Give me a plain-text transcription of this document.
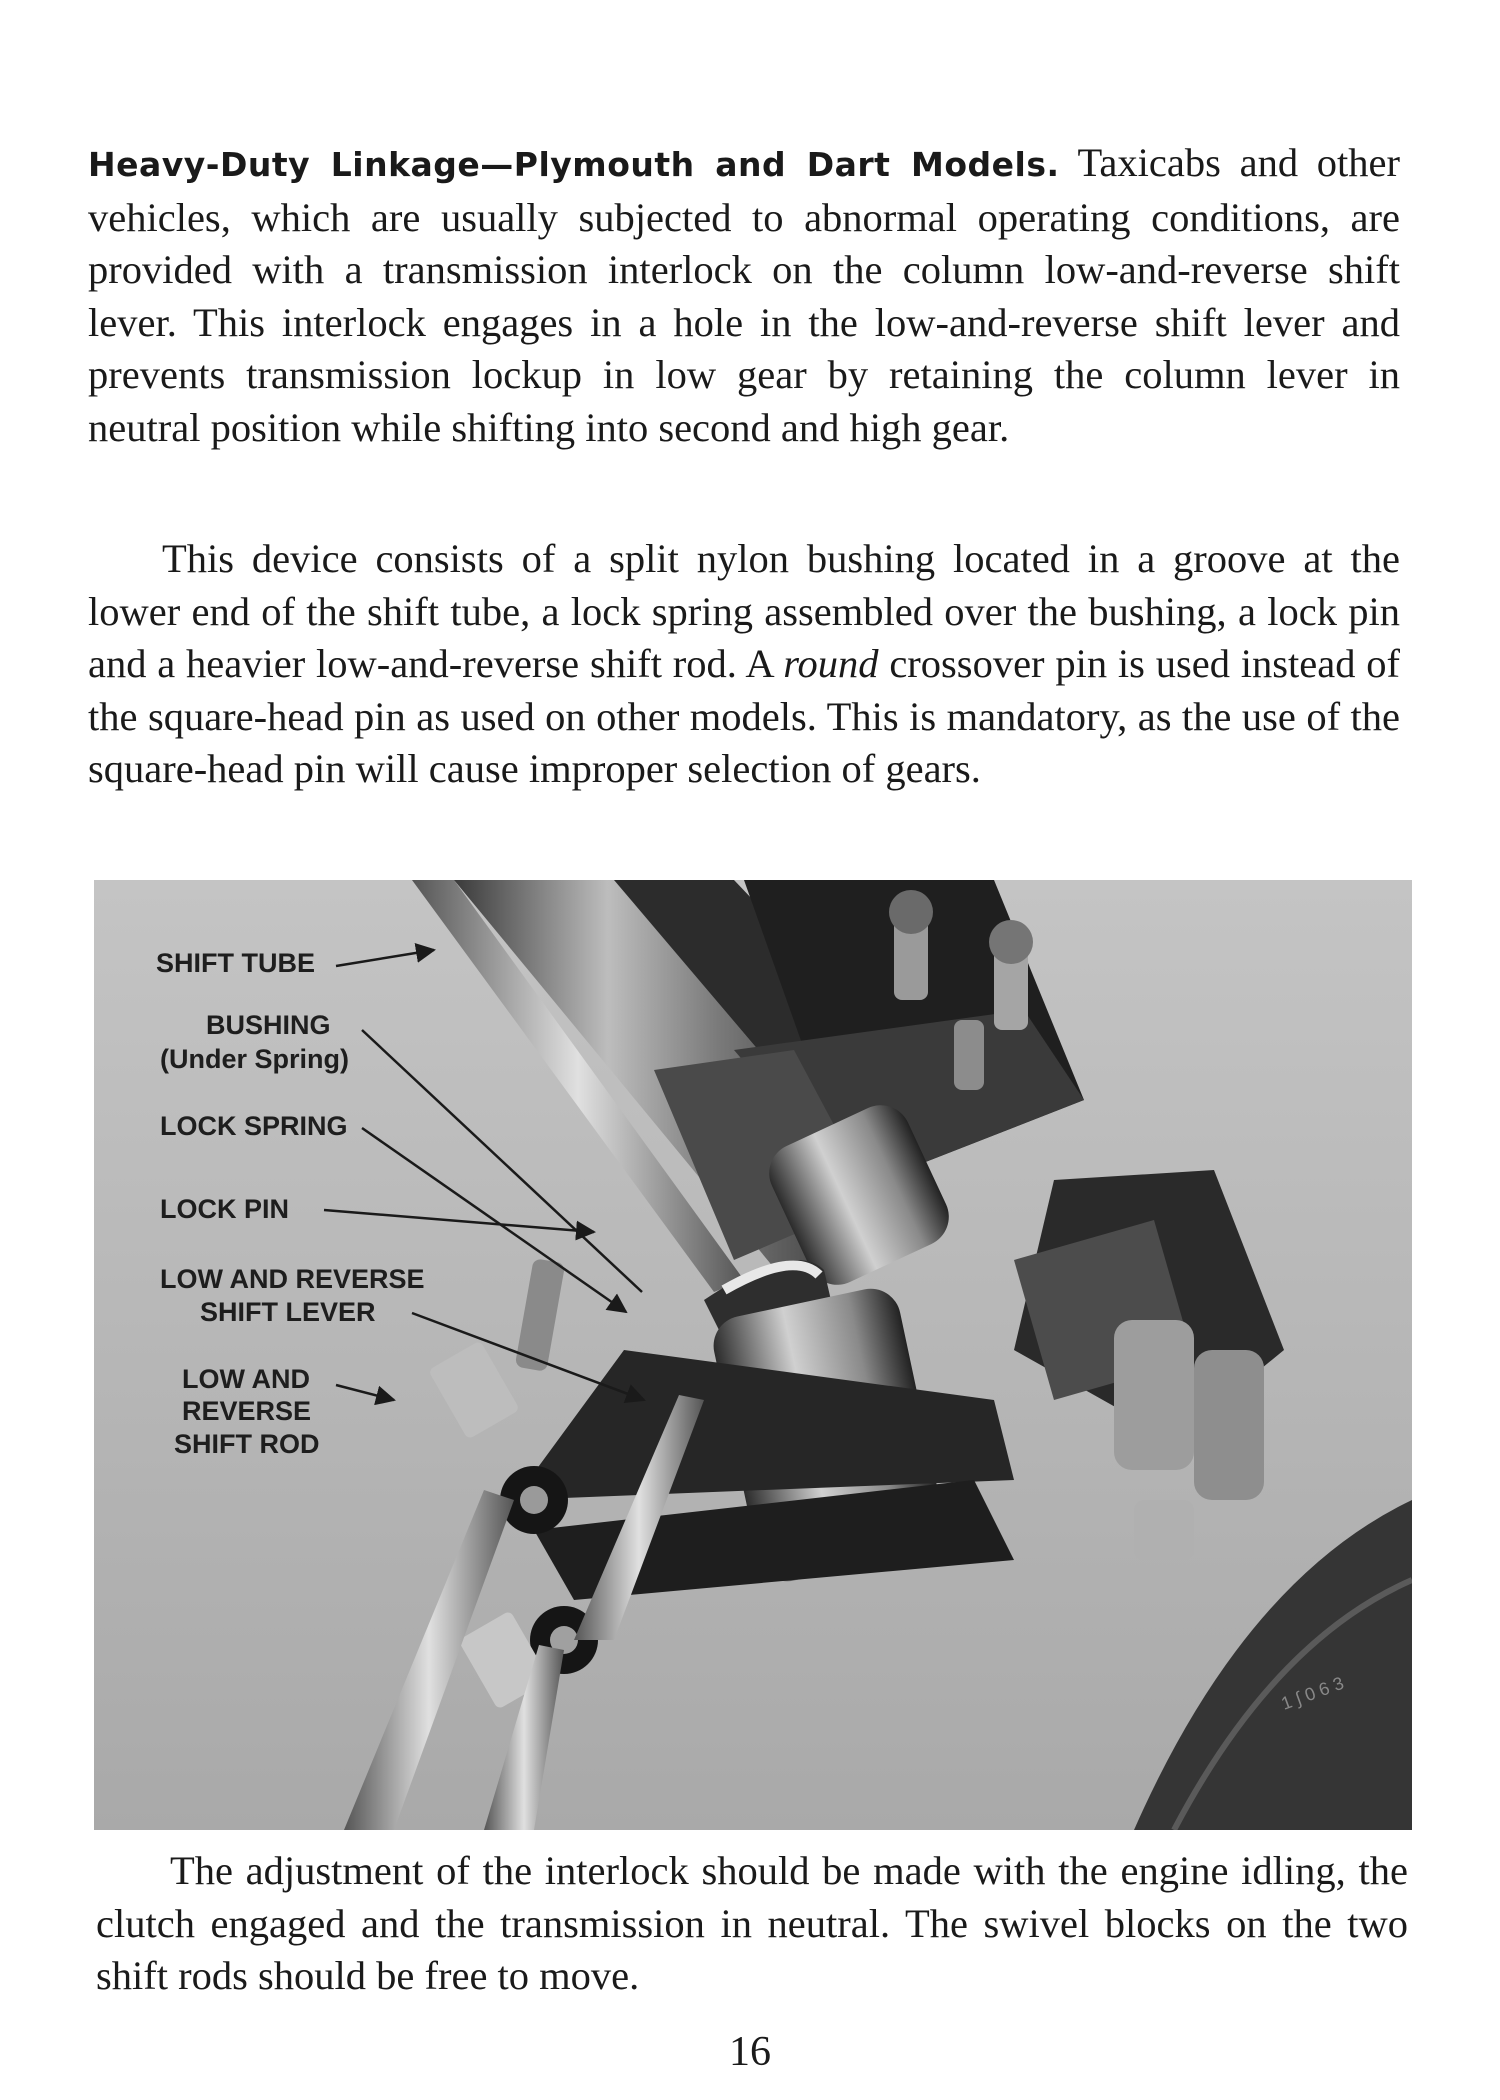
Heavy-Duty Linkage—Plymouth and Dart Models. Taxicabs and other vehicles, which are usually subjected to abnormal operating conditions, are provided with a transmission interlock on the column low-and-reverse shift lever. This interlock engages in a hole in the low-and-reverse shift lever and prevents transmission lockup in low gear by retaining the column lever in neutral position while shifting into second and high gear.

This device consists of a split nylon bushing located in a groove at the lower end of the shift tube, a lock spring assembled over the bushing, a lock pin and a heavier low-and-reverse shift rod. A round crossover pin is used instead of the square-head pin as used on other models. This is mandatory, as the use of the square-head pin will cause improper selection of gears.

1 ∫ 0 6 3
SHIFT TUBE
BUSHING
(Under Spring)
LOCK SPRING
LOCK PIN
LOW AND REVERSE
SHIFT LEVER
LOW AND
REVERSE
SHIFT ROD

The adjustment of the interlock should be made with the engine idling, the clutch engaged and the transmission in neutral. The swivel blocks on the two shift rods should be free to move.

16
